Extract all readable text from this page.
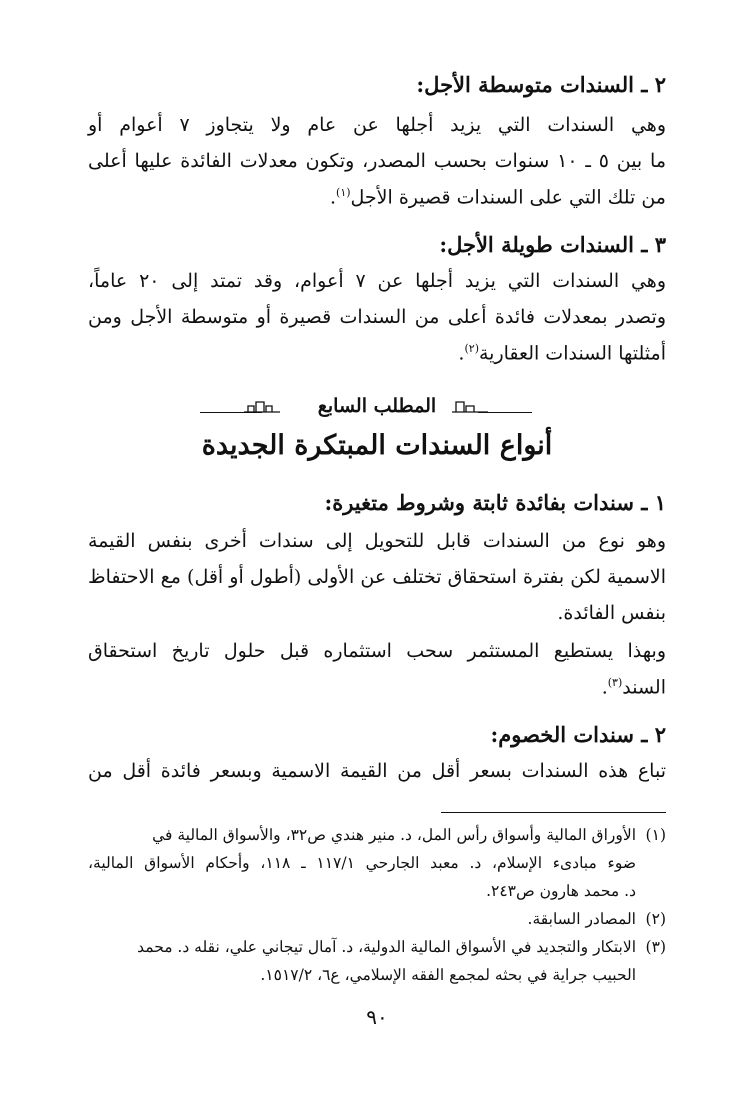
٢ ـ السندات متوسطة الأجل:
وهي السندات التي يزيد أجلها عن عام ولا يتجاوز ٧ أعوام أو
ما بين ٥ ـ ١٠ سنوات بحسب المصدر، وتكون معدلات الفائدة عليها أعلى
من تلك التي على السندات قصيرة الأجل$^{(١)}$.
٣ ـ السندات طويلة الأجل:
وهي السندات التي يزيد أجلها عن ٧ أعوام، وقد تمتد إلى ٢٠ عاماً،
وتصدر بمعدلات فائدة أعلى من السندات قصيرة أو متوسطة الأجل ومن
أمثلتها السندات العقارية$^{(٢)}$.
المطلب السابع
أنواع السندات المبتكرة الجديدة
١ ـ سندات بفائدة ثابتة وشروط متغيرة:
وهو نوع من السندات قابل للتحويل إلى سندات أخرى بنفس القيمة
الاسمية لكن بفترة استحقاق تختلف عن الأولى (أطول أو أقل) مع الاحتفاظ
بنفس الفائدة.
وبهذا يستطيع المستثمر سحب استثماره قبل حلول تاريخ استحقاق
السند$^{(٣)}$.
٢ ـ سندات الخصوم:
تباع هذه السندات بسعر أقل من القيمة الاسمية وبسعر فائدة أقل من
(١)الأوراق المالية وأسواق رأس المل، د. منير هندي ص٣٢، والأسواق المالية في
ضوء مبادىء الإسلام، د. معبد الجارحي ١١٧/١ ـ ١١٨، وأحكام الأسواق المالية،
د. محمد هارون ص٢٤٣.
(٢)المصادر السابقة.
(٣)الابتكار والتجديد في الأسواق المالية الدولية، د. آمال تيجاني علي، نقله د. محمد
الحبيب جراية في بحثه لمجمع الفقه الإسلامي، ع٦، ١٥١٧/٢.
٩٠
